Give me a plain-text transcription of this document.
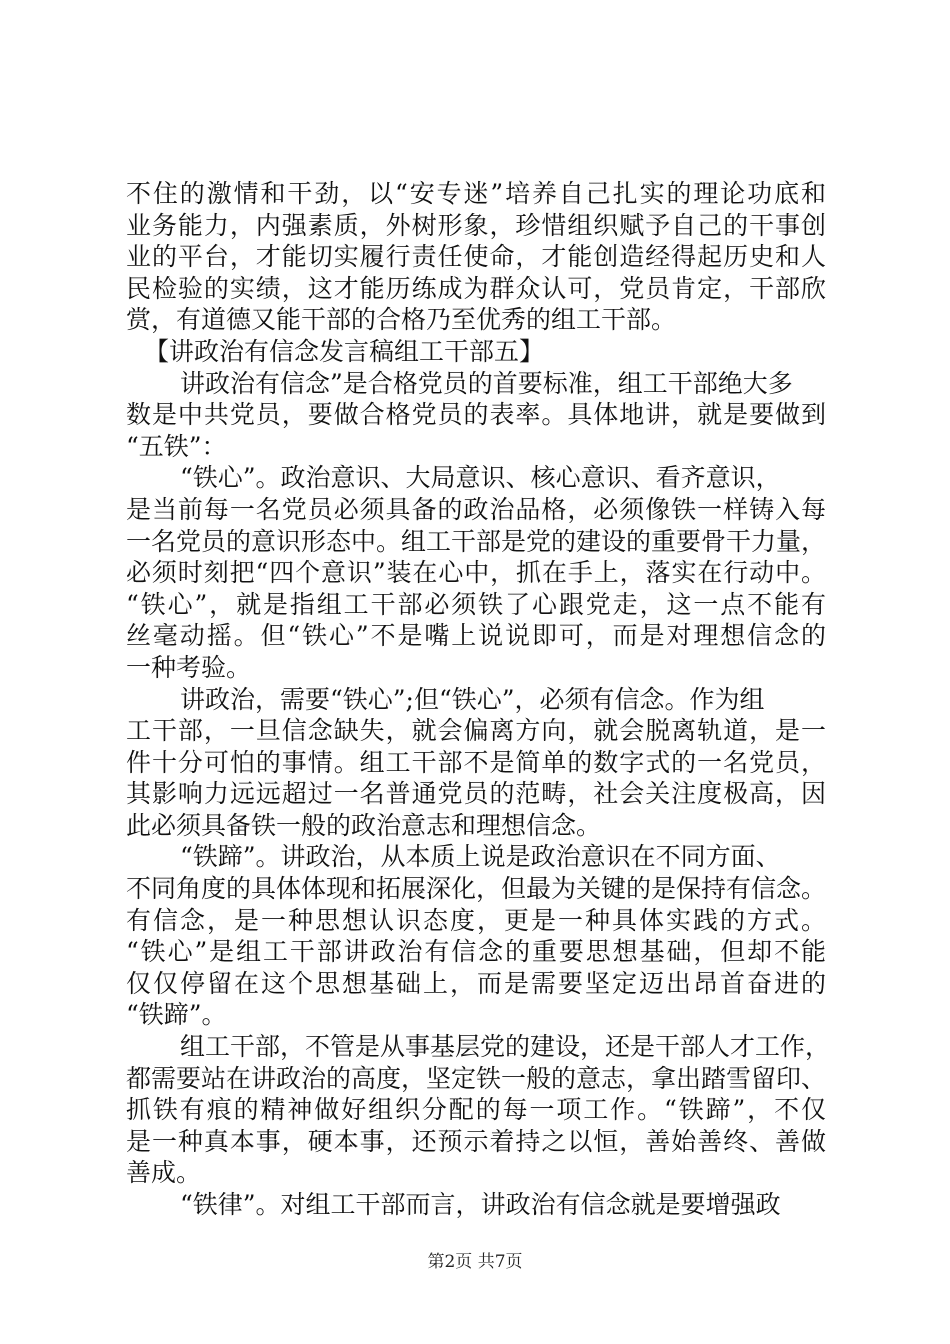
不住的激情和干劲，以“安专迷”培养自己扎实的理论功底和
业务能力，内强素质，外树形象，珍惜组织赋予自己的干事创
业的平台，才能切实履行责任使命，才能创造经得起历史和人
民检验的实绩，这才能历练成为群众认可，党员肯定，干部欣
赏，有道德又能干部的合格乃至优秀的组工干部。
【讲政治有信念发言稿组工干部五】
讲政治有信念”是合格党员的首要标准，组工干部绝大多
数是中共党员，要做合格党员的表率。具体地讲，就是要做到
“五铁”：
“铁心”。政治意识、大局意识、核心意识、看齐意识，
是当前每一名党员必须具备的政治品格，必须像铁一样铸入每
一名党员的意识形态中。组工干部是党的建设的重要骨干力量，
必须时刻把“四个意识”装在心中，抓在手上，落实在行动中。
“铁心”，就是指组工干部必须铁了心跟党走，这一点不能有
丝毫动摇。但“铁心”不是嘴上说说即可，而是对理想信念的
一种考验。
讲政治，需要“铁心”;但“铁心”，必须有信念。作为组
工干部，一旦信念缺失，就会偏离方向，就会脱离轨道，是一
件十分可怕的事情。组工干部不是简单的数字式的一名党员，
其影响力远远超过一名普通党员的范畴，社会关注度极高，因
此必须具备铁一般的政治意志和理想信念。
“铁蹄”。讲政治，从本质上说是政治意识在不同方面、
不同角度的具体体现和拓展深化，但最为关键的是保持有信念。
有信念，是一种思想认识态度，更是一种具体实践的方式。
“铁心”是组工干部讲政治有信念的重要思想基础，但却不能
仅仅停留在这个思想基础上，而是需要坚定迈出昂首奋进的
“铁蹄”。
组工干部，不管是从事基层党的建设，还是干部人才工作，
都需要站在讲政治的高度，坚定铁一般的意志，拿出踏雪留印、
抓铁有痕的精神做好组织分配的每一项工作。“铁蹄”，不仅
是一种真本事，硬本事，还预示着持之以恒，善始善终、善做
善成。
“铁律”。对组工干部而言，讲政治有信念就是要增强政
第2页 共7页
